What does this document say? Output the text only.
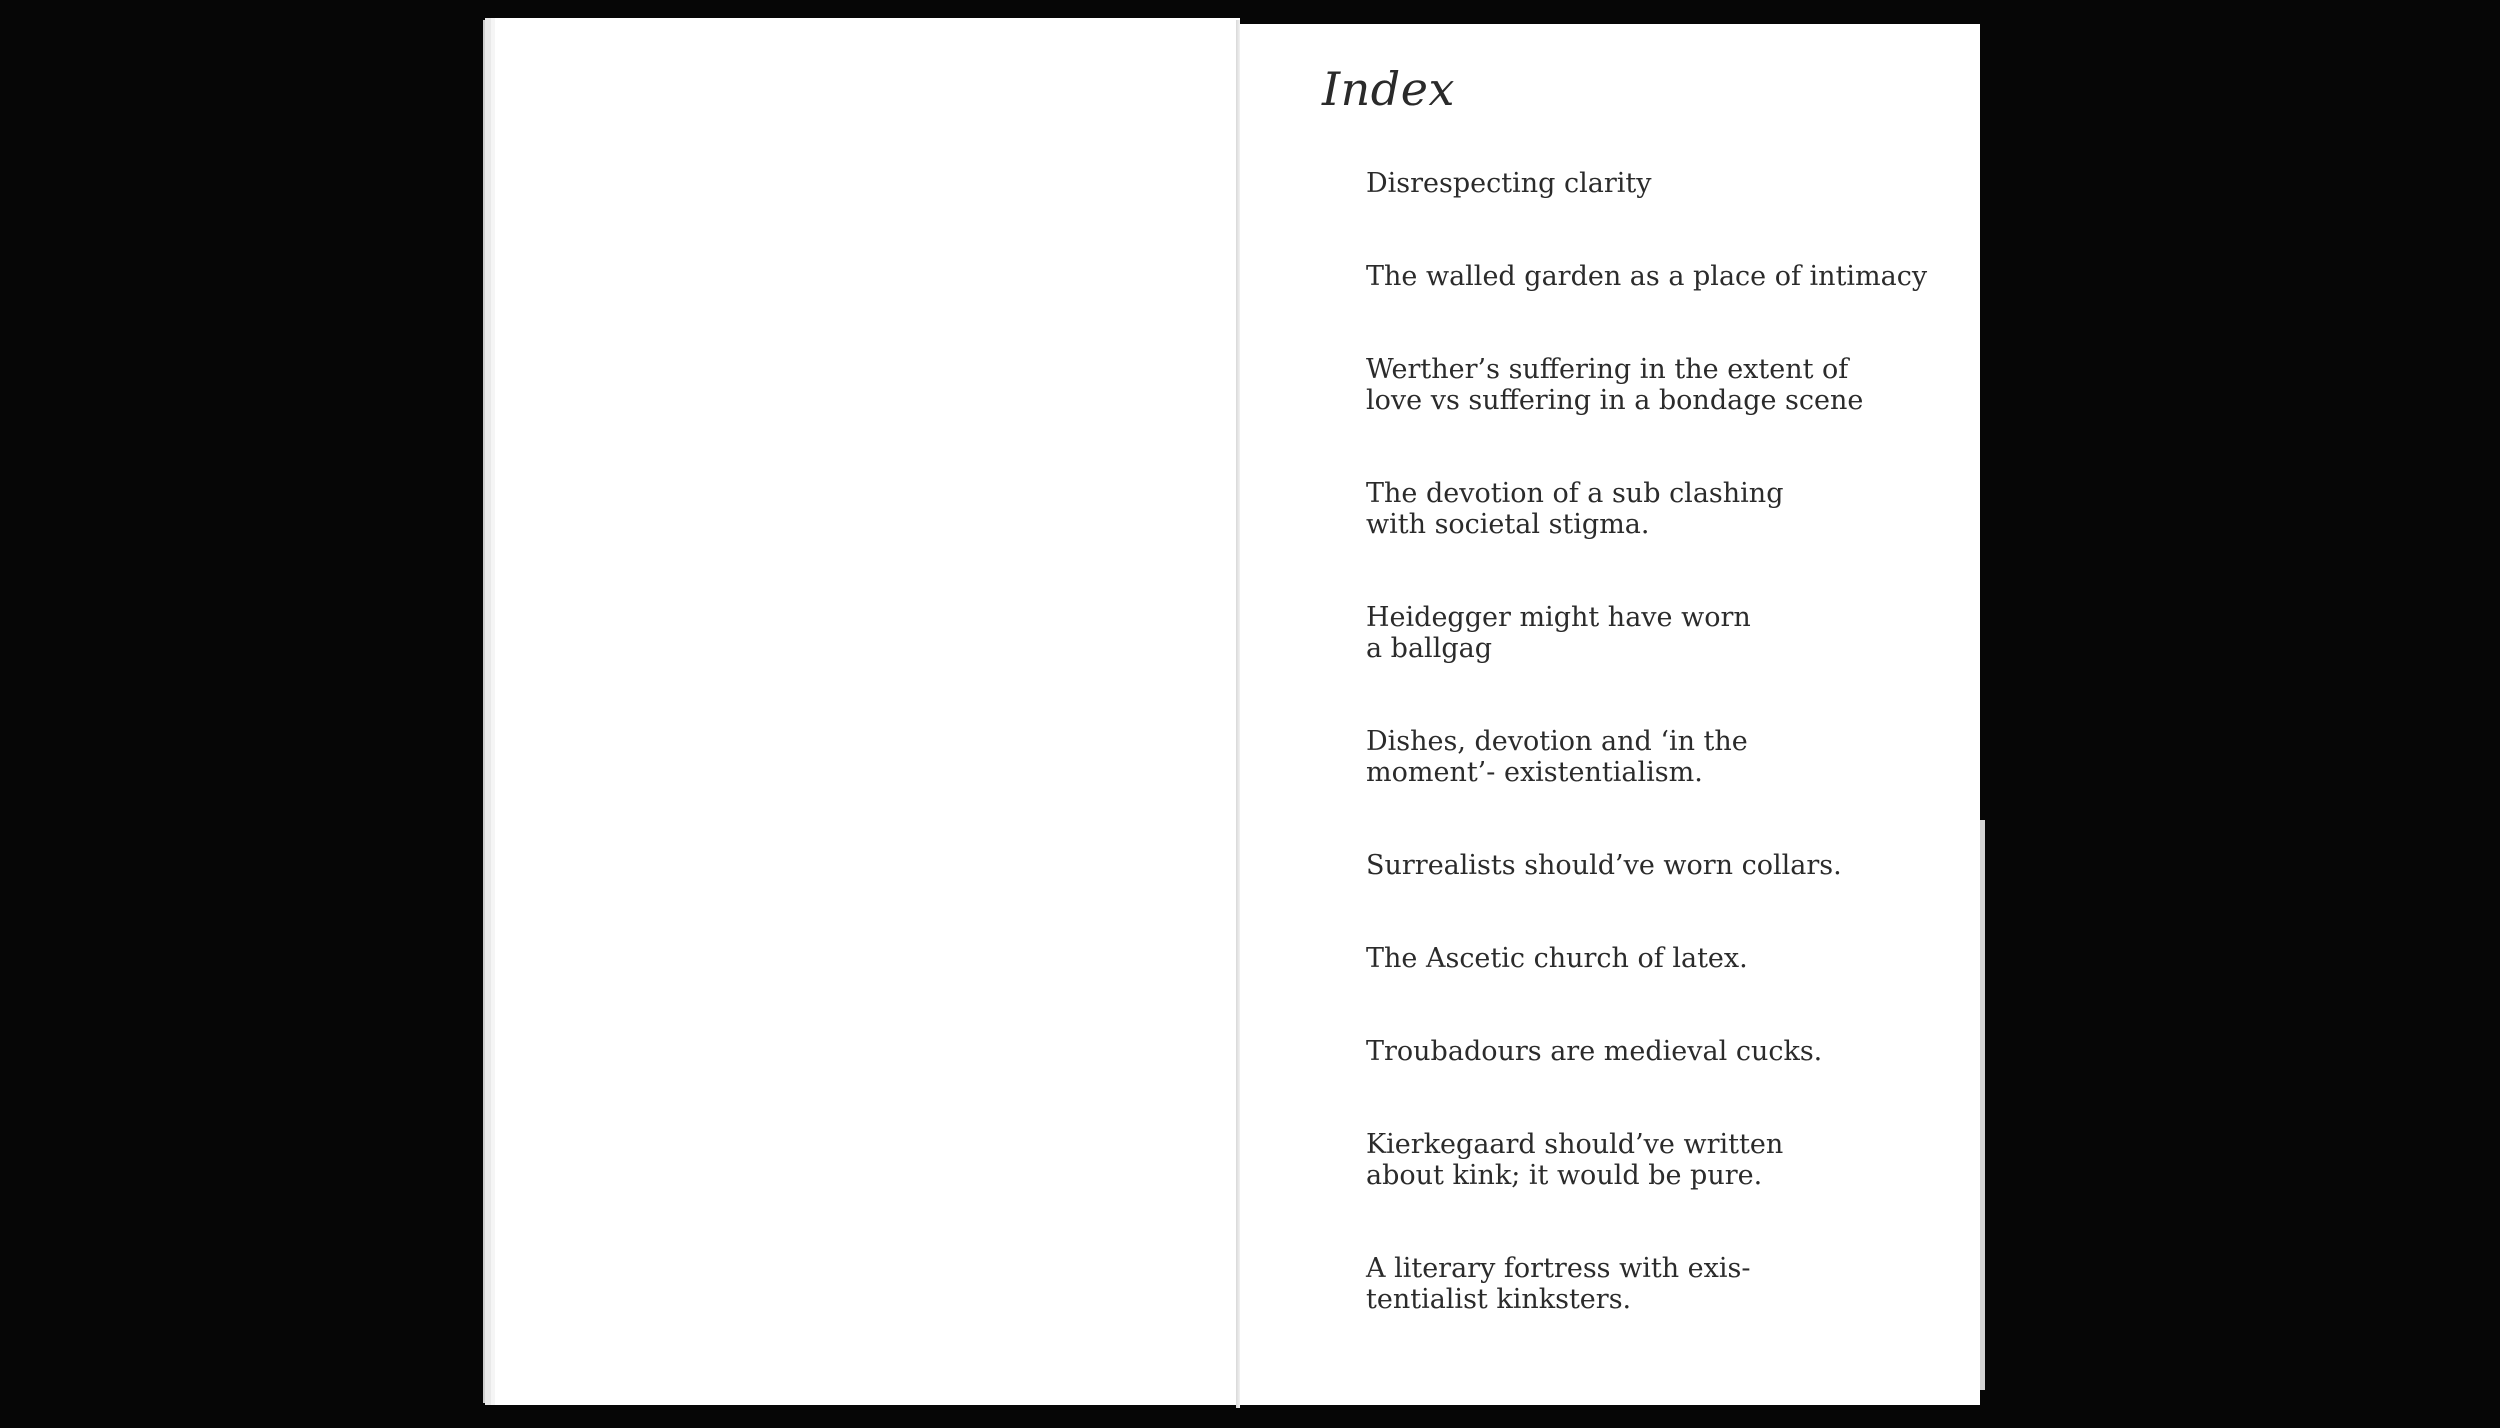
Index
Disrespecting clarity
The walled garden as a place of intimacy
Werther’s suffering in the extent of
love vs suffering in a bondage scene
The devotion of a sub clashing
with societal stigma.
Heidegger might have worn
a ballgag
Dishes, devotion and ‘in the
moment’- existentialism.
Surrealists should’ve worn collars.
The Ascetic church of latex.
Troubadours are medieval cucks.
Kierkegaard should’ve written
about kink; it would be pure.
A literary fortress with exis-
tentialist kinksters.
